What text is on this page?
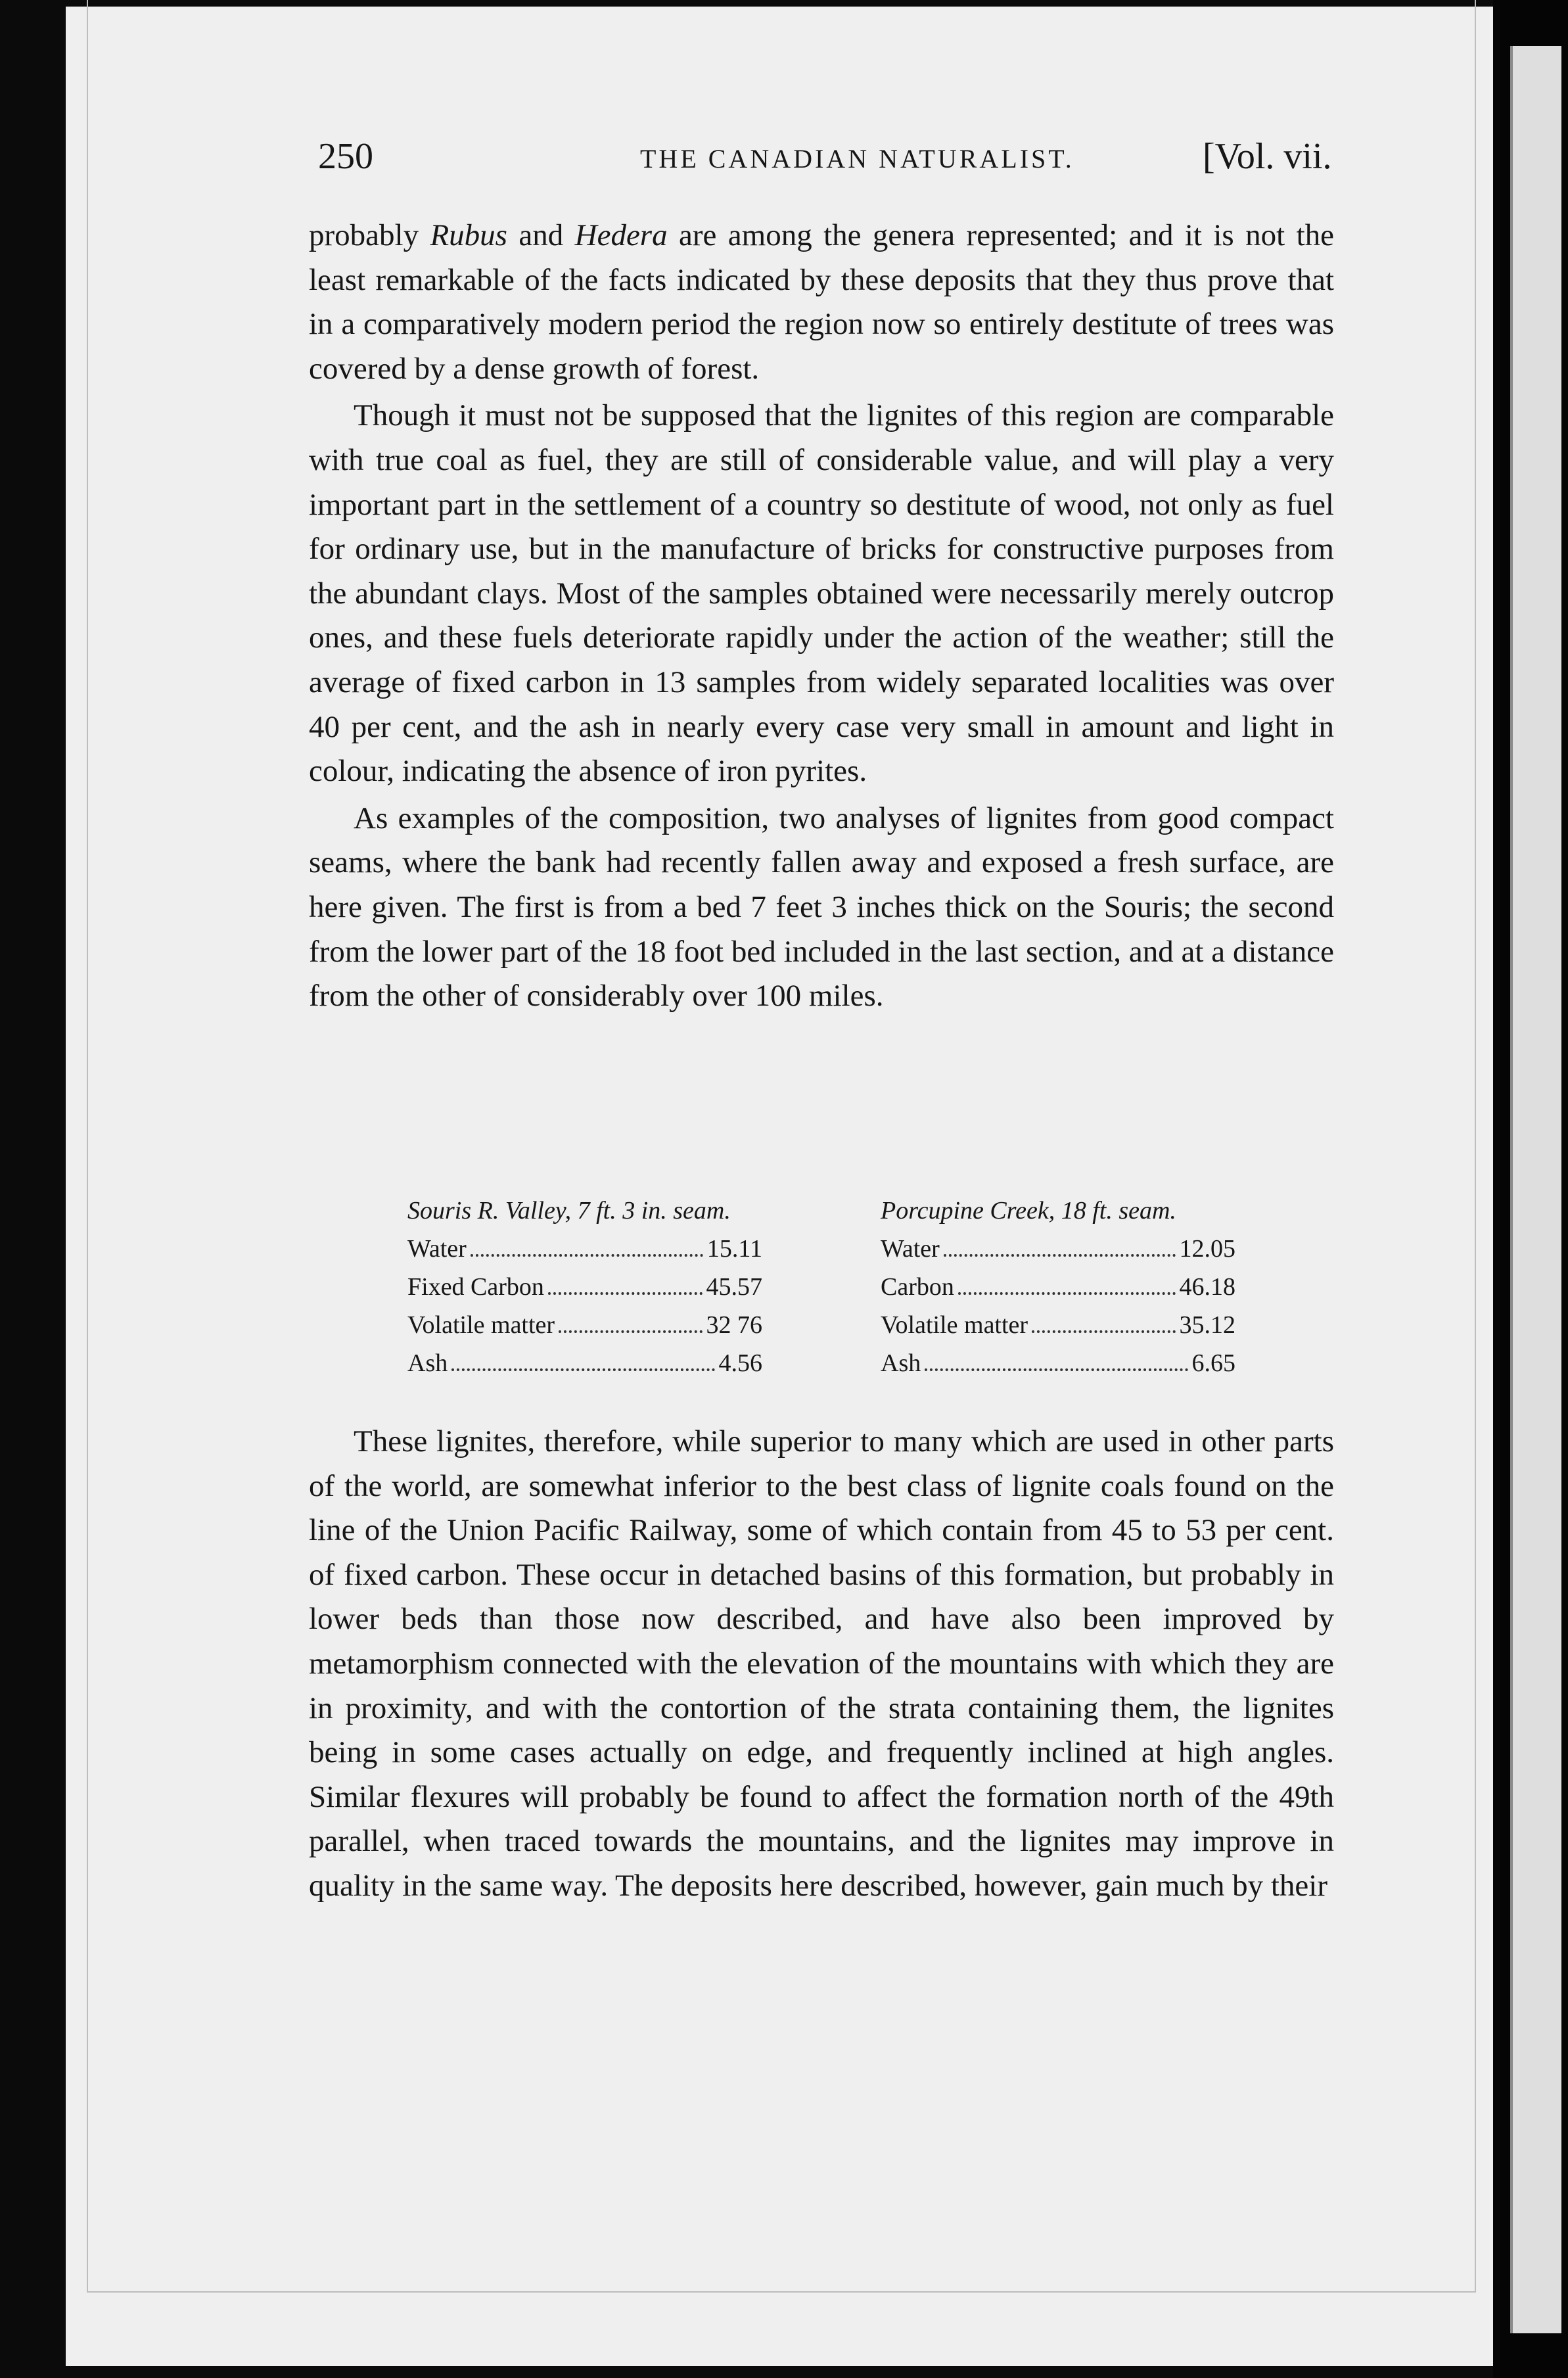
250	THE CANADIAN NATURALIST.	[Vol. vii.

probably Rubus and Hedera are among the genera represented; and it is not the least remarkable of the facts indicated by these deposits that they thus prove that in a comparatively modern period the region now so entirely destitute of trees was covered by a dense growth of forest.

Though it must not be supposed that the lignites of this region are comparable with true coal as fuel, they are still of considerable value, and will play a very important part in the settlement of a country so destitute of wood, not only as fuel for ordinary use, but in the manufacture of bricks for constructive purposes from the abundant clays. Most of the samples obtained were necessarily merely outcrop ones, and these fuels deteriorate rapidly under the action of the weather; still the average of fixed carbon in 13 samples from widely separated localities was over 40 per cent, and the ash in nearly every case very small in amount and light in colour, indicating the absence of iron pyrites.

As examples of the composition, two analyses of lignites from good compact seams, where the bank had recently fallen away and exposed a fresh surface, are here given. The first is from a bed 7 feet 3 inches thick on the Souris; the second from the lower part of the 18 foot bed included in the last section, and at a distance from the other of considerably over 100 miles.

Souris R. Valley, 7 ft. 3 in. seam.
Water	15.11
Fixed Carbon	45.57
Volatile matter	32 76
Ash	4.56
Porcupine Creek, 18 ft. seam.
Water	12.05
Carbon	46.18
Volatile matter	35.12
Ash	6.65

These lignites, therefore, while superior to many which are used in other parts of the world, are somewhat inferior to the best class of lignite coals found on the line of the Union Pacific Railway, some of which contain from 45 to 53 per cent. of fixed carbon. These occur in detached basins of this formation, but probably in lower beds than those now described, and have also been improved by metamorphism connected with the elevation of the mountains with which they are in proximity, and with the contortion of the strata containing them, the lignites being in some cases actually on edge, and frequently inclined at high angles. Similar flexures will probably be found to affect the formation north of the 49th parallel, when traced towards the mountains, and the lignites may improve in quality in the same way. The deposits here described, however, gain much by their
